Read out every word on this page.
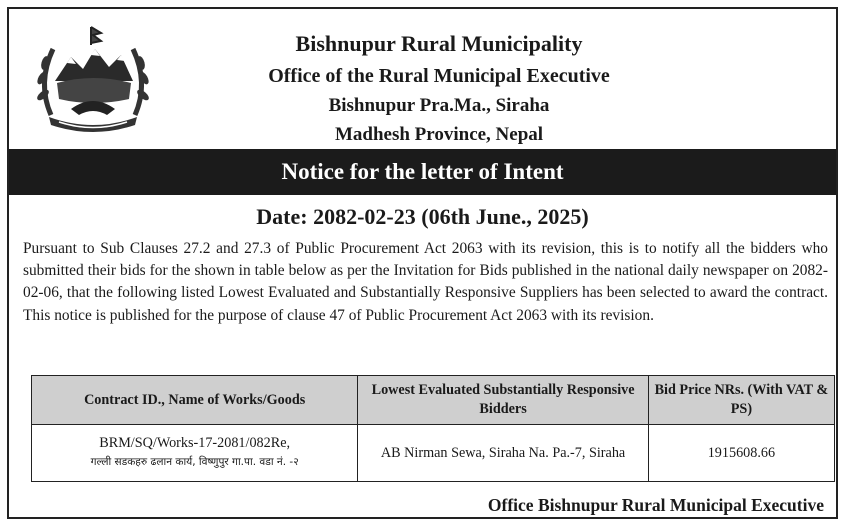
Bishnupur Rural Municipality
Office of the Rural Municipal Executive
Bishnupur Pra.Ma., Siraha
Madhesh Province, Nepal
Notice for the letter of Intent
Date: 2082-02-23 (06th June., 2025)
Pursuant to Sub Clauses 27.2 and 27.3 of Public Procurement Act 2063 with its revision, this is to notify all the bidders who submitted their bids for the shown in table below as per the Invitation for Bids published in the national daily newspaper on 2082-02-06, that the following listed Lowest Evaluated and Substantially Responsive Suppliers has been selected to award the contract. This notice is published for the purpose of clause 47 of Public Procurement Act 2063 with its revision.
Contract ID., Name of Works/Goods	Lowest Evaluated Substantially Responsive Bidders	Bid Price NRs. (With VAT & PS)

BRM/SQ/Works-17-2081/082Re,
गल्ली सडकहरु ढलान कार्य, विष्णुपुर गा.पा. वडा नं. -२	AB Nirman Sewa, Siraha Na. Pa.-7, Siraha	1915608.66
Office Bishnupur Rural Municipal Executive
